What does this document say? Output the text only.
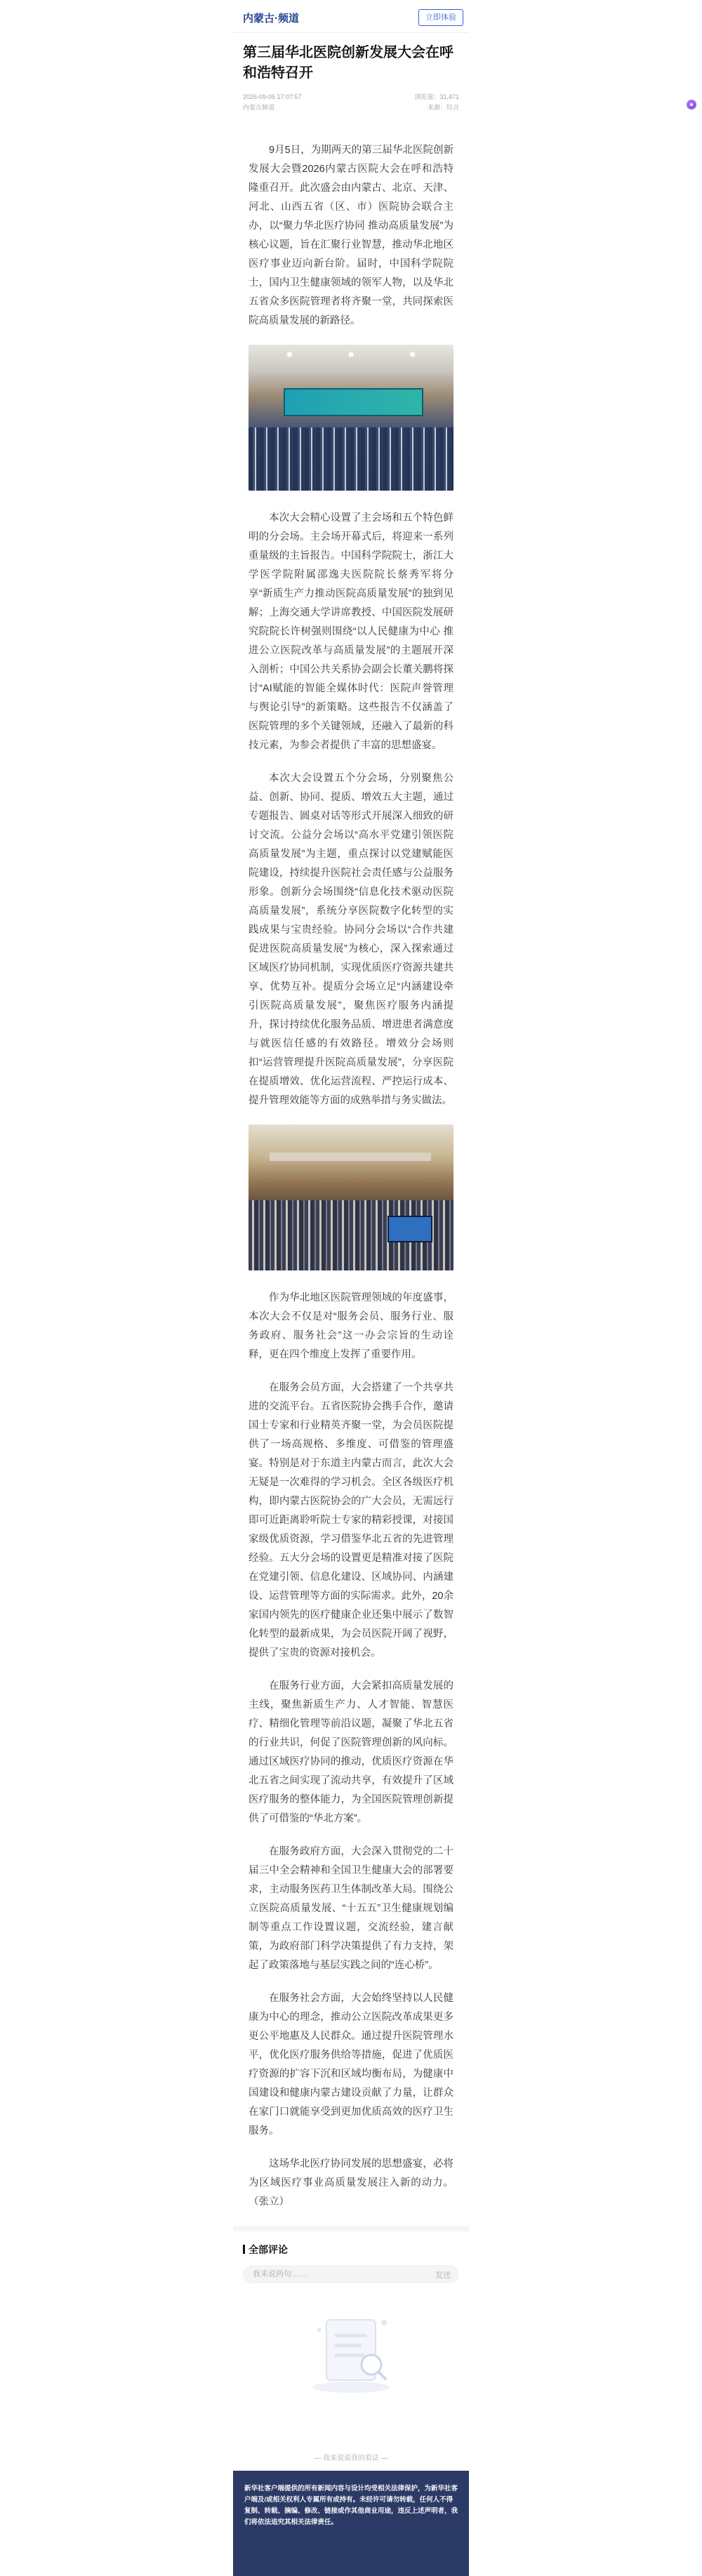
内蒙古·频道	立即体验
第三届华北医院创新发展大会在呼和浩特召开
2026-09-05 17:07:57	浏览量：31,471
内蒙古频道	来源：综合

9月5日，为期两天的第三届华北医院创新发展大会暨2026内蒙古医院大会在呼和浩特隆重召开。此次盛会由内蒙古、北京、天津、河北、山西五省（区、市）医院协会联合主办，以“聚力华北医疗协同 推动高质量发展”为核心议题，旨在汇聚行业智慧，推动华北地区医疗事业迈向新台阶。届时，中国科学院院士，国内卫生健康领域的领军人物，以及华北五省众多医院管理者将齐聚一堂，共同探索医院高质量发展的新路径。

本次大会精心设置了主会场和五个特色鲜明的分会场。主会场开幕式后，将迎来一系列重量级的主旨报告。中国科学院院士，浙江大学医学院附属邵逸夫医院院长蔡秀军将分享“新质生产力推动医院高质量发展”的独到见解；上海交通大学讲席教授、中国医院发展研究院院长许树强则围绕“以人民健康为中心 推进公立医院改革与高质量发展”的主题展开深入剖析；中国公共关系协会副会长董关鹏将探讨“AI赋能的智能全媒体时代：医院声誉管理与舆论引导”的新策略。这些报告不仅涵盖了医院管理的多个关键领域，还融入了最新的科技元素，为参会者提供了丰富的思想盛宴。

本次大会设置五个分会场，分别聚焦公益、创新、协同、提质、增效五大主题，通过专题报告、圆桌对话等形式开展深入细致的研讨交流。公益分会场以“高水平党建引领医院高质量发展”为主题，重点探讨以党建赋能医院建设，持续提升医院社会责任感与公益服务形象。创新分会场围绕“信息化技术驱动医院高质量发展”，系统分享医院数字化转型的实践成果与宝贵经验。协同分会场以“合作共建促进医院高质量发展”为核心，深入探索通过区域医疗协同机制，实现优质医疗资源共建共享、优势互补。提质分会场立足“内涵建设牵引医院高质量发展”，聚焦医疗服务内涵提升，探讨持续优化服务品质、增进患者满意度与就医信任感的有效路径。增效分会场则扣“运营管理提升医院高质量发展”，分享医院在提质增效、优化运营流程、严控运行成本、提升管理效能等方面的成熟举措与务实做法。

作为华北地区医院管理领域的年度盛事，本次大会不仅是对“服务会员、服务行业、服务政府、服务社会”这一办会宗旨的生动诠释，更在四个维度上发挥了重要作用。

在服务会员方面，大会搭建了一个共享共进的交流平台。五省医院协会携手合作，邀请国士专家和行业精英齐聚一堂，为会员医院提供了一场高规格、多维度、可借鉴的管理盛宴。特别是对于东道主内蒙古而言，此次大会无疑是一次难得的学习机会。全区各级医疗机构，即内蒙古医院协会的广大会员，无需远行即可近距离聆听院士专家的精彩授课，对接国家级优质资源，学习借鉴华北五省的先进管理经验。五大分会场的设置更是精准对接了医院在党建引领、信息化建设、区域协同、内涵建设、运营管理等方面的实际需求。此外，20余家国内领先的医疗健康企业还集中展示了数智化转型的最新成果，为会员医院开阔了视野，提供了宝贵的资源对接机会。

在服务行业方面，大会紧扣高质量发展的主线，聚焦新质生产力、人才智能、智慧医疗、精细化管理等前沿议题，凝聚了华北五省的行业共识，何促了医院管理创新的风向标。通过区域医疗协同的推动，优质医疗资源在华北五省之间实现了流动共享，有效提升了区域医疗服务的整体能力，为全国医院管理创新提供了可借鉴的“华北方案”。

在服务政府方面，大会深入贯彻党的二十届三中全会精神和全国卫生健康大会的部署要求，主动服务医药卫生体制改革大局。围绕公立医院高质量发展、“十五五”卫生健康规划编制等重点工作设置议题，交流经验，建言献策，为政府部门科学决策提供了有力支持，架起了政策落地与基层实践之间的“连心桥”。

在服务社会方面，大会始终坚持以人民健康为中心的理念，推动公立医院改革成果更多更公平地惠及人民群众。通过提升医院管理水平，优化医疗服务供给等措施，促进了优质医疗资源的扩容下沉和区域均衡布局，为健康中国建设和健康内蒙古建设贡献了力量，让群众在家门口就能享受到更加优质高效的医疗卫生服务。

这场华北医疗协同发展的思想盛宴，必将为区域医疗事业高质量发展注入新的动力。（张立）

全部评论
我来说两句……
发送
— 我来说说我的看法 —

新华社客户端提供的所有新闻内容与设计均受相关法律保护，为新华社客户端及/或相关权利人专属所有或持有。未经许可请勿转载，任何人不得复制、转载、摘编、修改、链接或作其他商业用途，违反上述声明者，我们将依法追究其相关法律责任。
